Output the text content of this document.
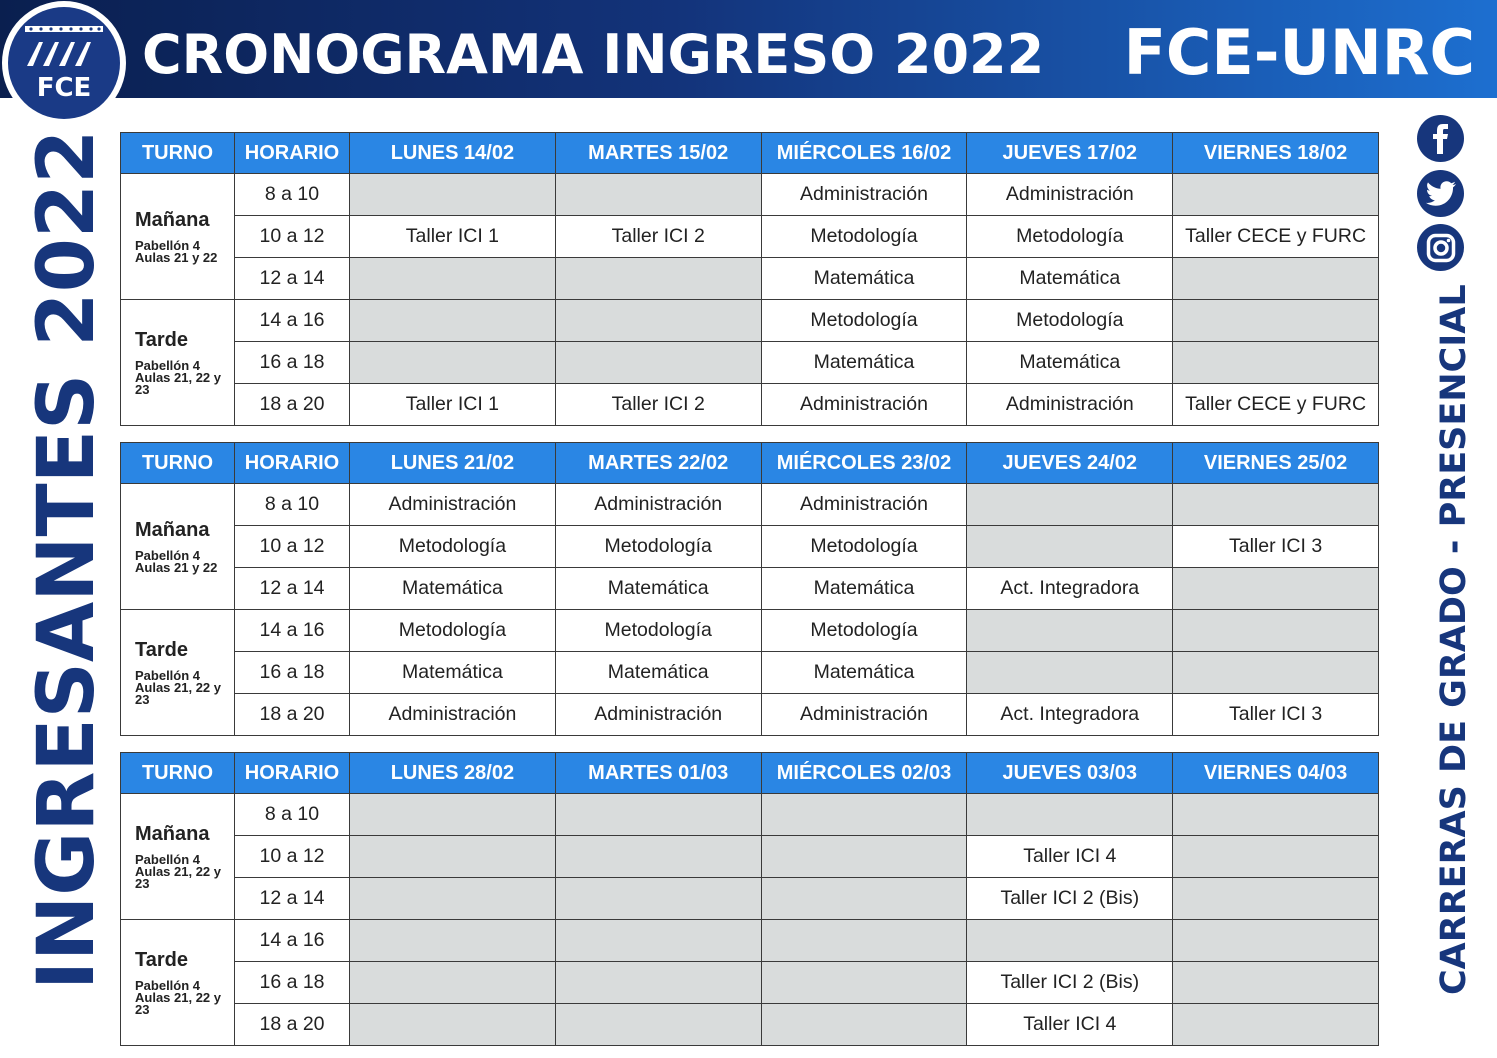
CRONOGRAMA INGRESO 2022 FCE-UNRC
FCE
INGRESANTES 2022	CARRERAS DE GRADO - PRESENCIAL
TURNO	HORARIO	LUNES 14/02	MARTES 15/02	MIÉRCOLES 16/02	JUEVES 17/02	VIERNES 18/02

Mañana
Pabellón 4 Aulas 21 y 22	8 a 10			Administración	Administración	
	10 a 12	Taller ICI 1	Taller ICI 2	Metodología	Metodología	Taller CECE y FURC
	12 a 14			Matemática	Matemática	

Tarde
Pabellón 4 Aulas 21, 22 y 23	14 a 16			Metodología	Metodología	
	16 a 18			Matemática	Matemática	
	18 a 20	Taller ICI 1	Taller ICI 2	Administración	Administración	Taller CECE y FURC
TURNO	HORARIO	LUNES 21/02	MARTES 22/02	MIÉRCOLES 23/02	JUEVES 24/02	VIERNES 25/02

Mañana
Pabellón 4 Aulas 21 y 22	8 a 10	Administración	Administración	Administración		
	10 a 12	Metodología	Metodología	Metodología		Taller ICI 3
	12 a 14	Matemática	Matemática	Matemática	Act. Integradora	

Tarde
Pabellón 4 Aulas 21, 22 y 23	14 a 16	Metodología	Metodología	Metodología		
	16 a 18	Matemática	Matemática	Matemática		
	18 a 20	Administración	Administración	Administración	Act. Integradora	Taller ICI 3
TURNO	HORARIO	LUNES 28/02	MARTES 01/03	MIÉRCOLES 02/03	JUEVES 03/03	VIERNES 04/03

Mañana
Pabellón 4 Aulas 21, 22 y 23	8 a 10					
	10 a 12				Taller ICI 4	
	12 a 14				Taller ICI 2 (Bis)	

Tarde
Pabellón 4 Aulas 21, 22 y 23	14 a 16					
	16 a 18				Taller ICI 2 (Bis)	
	18 a 20				Taller ICI 4	
